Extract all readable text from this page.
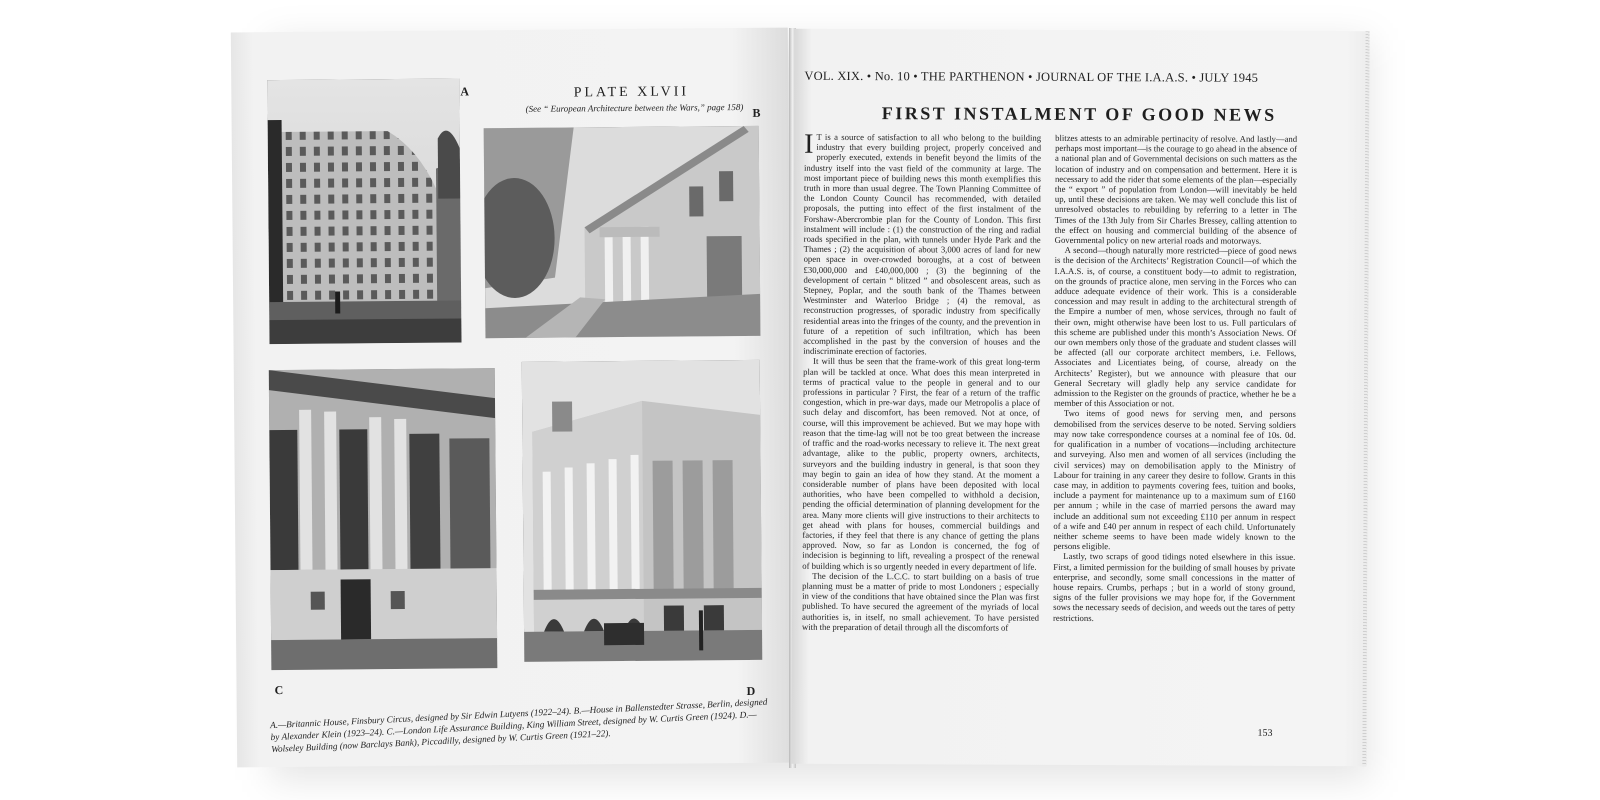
A	PLATE XLVII
(See “ European Architecture between the Wars,” page 158) B
C	D
A.—Britannic House, Finsbury Circus, designed by Sir Edwin Lutyens (1922–24). B.—House in Ballenstedter Strasse, Berlin, designed by Alexander Klein (1923–24). C.—London Life Assurance Building, King William Street, designed by W. Curtis Green (1924). D.—Wolseley Building (now Barclays Bank), Piccadilly, designed by W. Curtis Green (1921–22).
VOL. XIX. • No. 10 • THE PARTHENON • JOURNAL OF THE I.A.A.S. • JULY 1945
FIRST INSTALMENT OF GOOD NEWS

I T is a source of satisfaction to all who belong to the building industry that every building project, properly conceived and properly executed, extends in benefit beyond the limits of the industry itself into the vast field of the community at large. The most important piece of building news this month exemplifies this truth in more than usual degree. The Town Planning Committee of the London County Council has recommended, with detailed proposals, the putting into effect of the first instalment of the Forshaw-Abercrombie plan for the County of London. This first instalment will include : (1) the construction of the ring and radial roads specified in the plan, with tunnels under Hyde Park and the Thames ; (2) the acquisition of about 3,000 acres of land for new open space in over-crowded boroughs, at a cost of between £30,000,000 and £40,000,000 ; (3) the beginning of the development of certain “ blitzed ” and obsolescent areas, such as Stepney, Poplar, and the south bank of the Thames between Westminster and Waterloo Bridge ; (4) the removal, as reconstruction progresses, of sporadic industry from specifically residential areas into the fringes of the county, and the prevention in future of a repetition of such infiltration, which has been accomplished in the past by the conversion of houses and the indiscriminate erection of factories.

It will thus be seen that the frame-work of this great long-term plan will be tackled at once. What does this mean interpreted in terms of practical value to the people in general and to our professions in particular ? First, the fear of a return of the traffic congestion, which in pre-war days, made our Metropolis a place of such delay and discomfort, has been removed. Not at once, of course, will this improvement be achieved. But we may hope with reason that the time-lag will not be too great between the increase of traffic and the road-works necessary to relieve it. The next great advantage, alike to the public, property owners, architects, surveyors and the building industry in general, is that soon they may begin to gain an idea of how they stand. At the moment a considerable number of plans have been deposited with local authorities, who have been compelled to withhold a decision, pending the official determination of planning development for the area. Many more clients will give instructions to their architects to get ahead with plans for houses, commercial buildings and factories, if they feel that there is any chance of getting the plans approved. Now, so far as London is concerned, the fog of indecision is beginning to lift, revealing a prospect of the renewal of building which is so urgently needed in every department of life.

The decision of the L.C.C. to start building on a basis of true planning must be a matter of pride to most Londoners ; especially in view of the conditions that have obtained since the Plan was first published. To have secured the agreement of the myriads of local authorities is, in itself, no small achievement. To have persisted with the preparation of detail through all the discomforts of

blitzes attests to an admirable pertinacity of resolve. And lastly—and perhaps most important—is the courage to go ahead in the absence of a national plan and of Governmental decisions on such matters as the location of industry and on compensation and betterment. Here it is necessary to add the rider that some elements of the plan—especially the “ export ” of population from London—will inevitably be held up, until these decisions are taken. We may well conclude this list of unresolved obstacles to rebuilding by referring to a letter in The Times of the 13th July from Sir Charles Bressey, calling attention to the effect on housing and commercial building of the absence of Governmental policy on new arterial roads and motorways.

A second—though naturally more restricted—piece of good news is the decision of the Architects’ Registration Council—of which the I.A.A.S. is, of course, a constituent body—to admit to registration, on the grounds of practice alone, men serving in the Forces who can adduce adequate evidence of their work. This is a considerable concession and may result in adding to the architectural strength of the Empire a number of men, whose services, through no fault of their own, might otherwise have been lost to us. Full particulars of this scheme are published under this month’s Association News. Of our own members only those of the graduate and student classes will be affected (all our corporate architect members, i.e. Fellows, Associates and Licentiates being, of course, already on the Architects’ Register), but we announce with pleasure that our General Secretary will gladly help any service candidate for admission to the Register on the grounds of practice, whether he be a member of this Association or not.

Two items of good news for serving men, and persons demobilised from the services deserve to be noted. Serving soldiers may now take correspondence courses at a nominal fee of 10s. 0d. for qualification in a number of vocations—including architecture and surveying. Also men and women of all services (including the civil services) may on demobilisation apply to the Ministry of Labour for training in any career they desire to follow. Grants in this case may, in addition to payments covering fees, tuition and books, include a payment for maintenance up to a maximum sum of £160 per annum ; while in the case of married persons the award may include an additional sum not exceeding £110 per annum in respect of a wife and £40 per annum in respect of each child. Unfortunately neither scheme seems to have been made widely known to the persons eligible.

Lastly, two scraps of good tidings noted elsewhere in this issue. First, a limited permission for the building of small houses by private enterprise, and secondly, some small concessions in the matter of house repairs. Crumbs, perhaps ; but in a world of stony ground, signs of the fuller provisions we may hope for, if the Government sows the necessary seeds of decision, and weeds out the tares of petty restrictions.

153
